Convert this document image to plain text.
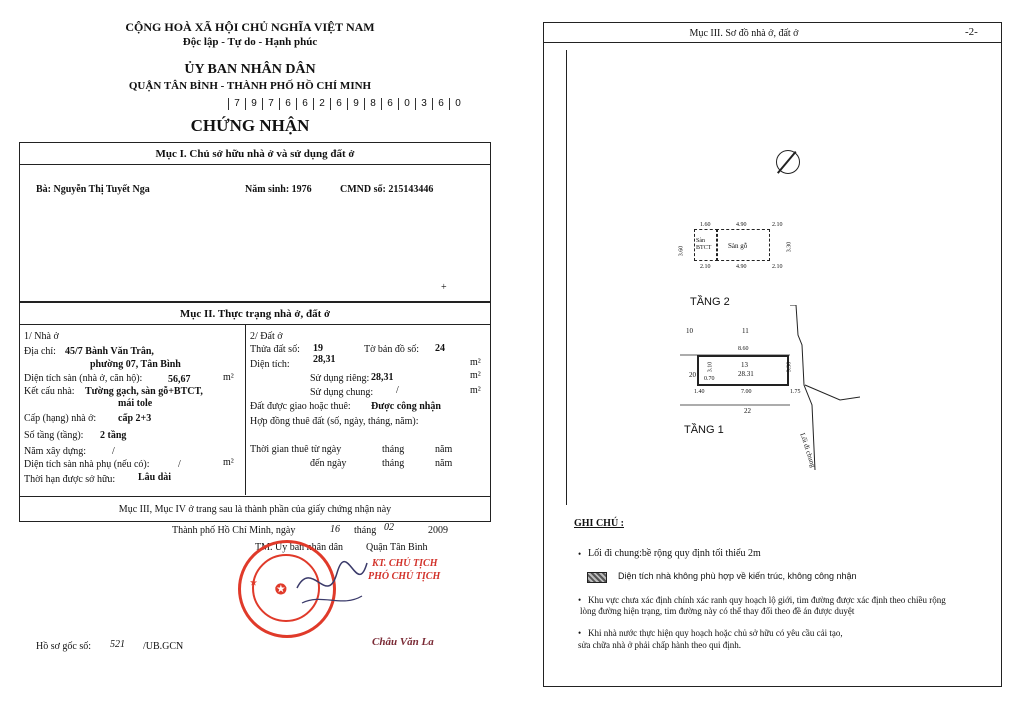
CỘNG HOÀ XÃ HỘI CHỦ NGHĨA VIỆT NAM
Độc lập - Tự do - Hạnh phúc
ỦY BAN NHÂN DÂN
QUẬN TÂN BÌNH - THÀNH PHỐ HỒ CHÍ MINH
7	9	7	6	6	2	6	9	8	6	0	3	6	0
CHỨNG NHẬN
Mục I. Chủ sở hữu nhà ở và sử dụng đất ở
Bà: Nguyễn Thị Tuyết Nga	Năm sinh: 1976	CMND số: 215143446
+
Mục II. Thực trạng nhà ở, đất ở
1/ Nhà ở
Địa chỉ: 45/7 Bành Văn Trân,
phường 07, Tân Bình
Diện tích sàn (nhà ở, căn hộ):	56,67	m²
Kết cấu nhà: Tường gạch, sàn gỗ+BTCT,
mái tole
Cấp (hạng) nhà ở: cấp 2+3
Số tầng (tầng): 2 tầng
Năm xây dựng:	/
Diện tích sàn nhà phụ (nếu có):	/	m²
Thời hạn được sở hữu: Lâu dài
2/ Đất ở
Thửa đất số: 19	Tờ bản đồ số: 24
Diện tích: 28,31	m²
Sử dụng riêng: 28,31	m²
Sử dụng chung: /	m²
Đất được giao hoặc thuê: Được công nhận
Hợp đồng thuê đất (số, ngày, tháng, năm):
Thời gian thuê từ ngày	tháng	năm
đến ngày	tháng	năm
Mục III, Mục IV ở trang sau là thành phần của giấy chứng nhận này
Thành phố Hồ Chí Minh, ngày	16 tháng 02	2009
TM. Ủy ban nhân dân Quận Tân Bình
KT. CHỦ TỊCH
PHÓ CHỦ TỊCH
★
✪
Châu Văn La
Hồ sơ gốc số: 521 /UB.GCN
Mục III. Sơ đồ nhà ở, đất ở	-2-
Sàn BTCT	Sàn gỗ
1.60	4.90	2.10
2.10	4.90	2.10
3.60	3.30
TẦNG 2
10	11
20
13
28.31
22
8.60
3.10	3.30
0.70
7.00
1.40	1.75
Lối đi chung
TẦNG 1
GHI CHÚ :
• Lối đi chung:bề rộng quy định tối thiểu 2m
Diện tích nhà không phù hợp về kiến trúc, không công nhận
• Khu vực chưa xác định chính xác ranh quy hoạch lộ giới, tìm đường được xác định theo chiều rộng
lòng đường hiện trạng, tim đường này có thể thay đổi theo đề án được duyệt
• Khi nhà nước thực hiện quy hoạch hoặc chủ sở hữu có yêu cầu cải tạo,
sửa chữa nhà ở phải chấp hành theo qui định.
